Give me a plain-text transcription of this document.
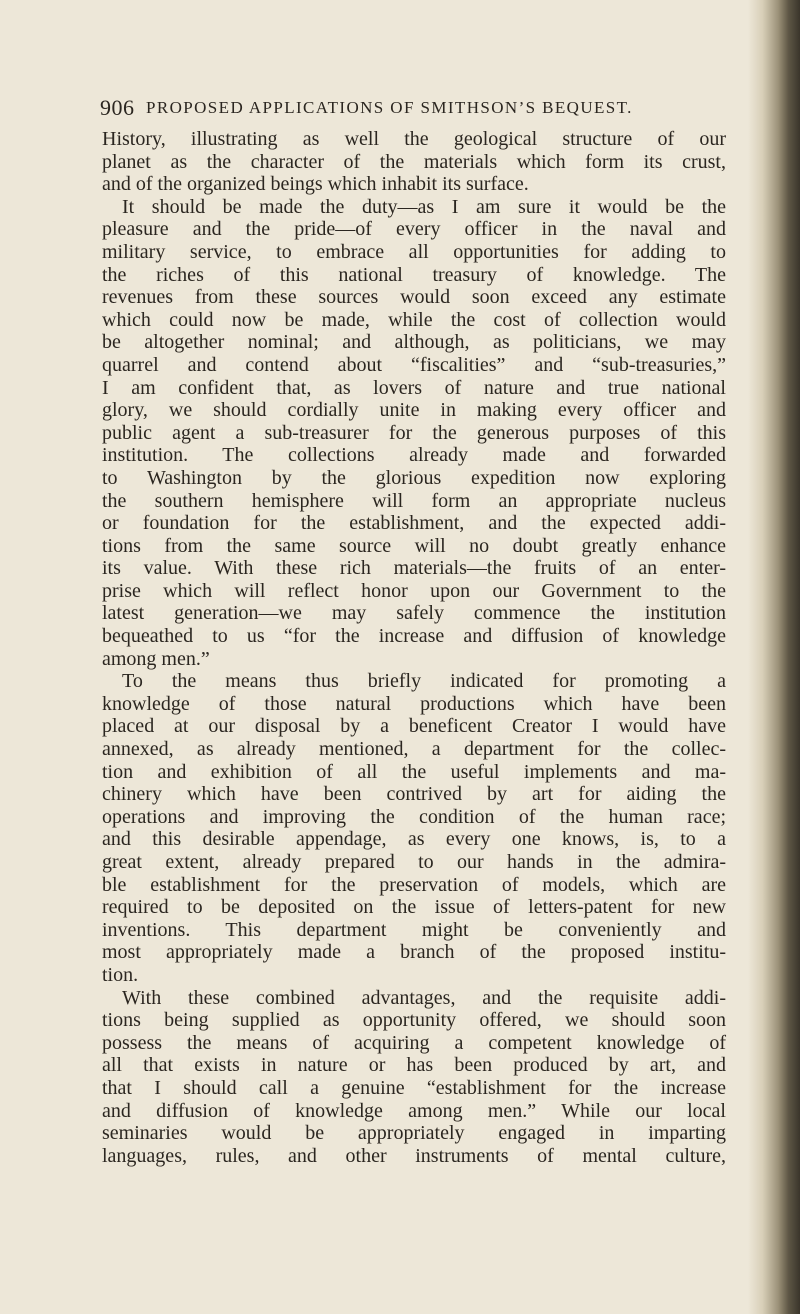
906 PROPOSED APPLICATIONS OF SMITHSON’S BEQUEST.
History, illustrating as well the geological structure of our
planet as the character of the materials which form its crust,
and of the organized beings which inhabit its surface.
It should be made the duty—as I am sure it would be the
pleasure and the pride—of every officer in the naval and
military service, to embrace all opportunities for adding to
the riches of this national treasury of knowledge. The
revenues from these sources would soon exceed any estimate
which could now be made, while the cost of collection would
be altogether nominal; and although, as politicians, we may
quarrel and contend about “fiscalities” and “sub-treasuries,”
I am confident that, as lovers of nature and true national
glory, we should cordially unite in making every officer and
public agent a sub-treasurer for the generous purposes of this
institution. The collections already made and forwarded
to Washington by the glorious expedition now exploring
the southern hemisphere will form an appropriate nucleus
or foundation for the establishment, and the expected addi-
tions from the same source will no doubt greatly enhance
its value. With these rich materials—the fruits of an enter-
prise which will reflect honor upon our Government to the
latest generation—we may safely commence the institution
bequeathed to us “for the increase and diffusion of knowledge
among men.”
To the means thus briefly indicated for promoting a
knowledge of those natural productions which have been
placed at our disposal by a beneficent Creator I would have
annexed, as already mentioned, a department for the collec-
tion and exhibition of all the useful implements and ma-
chinery which have been contrived by art for aiding the
operations and improving the condition of the human race;
and this desirable appendage, as every one knows, is, to a
great extent, already prepared to our hands in the admira-
ble establishment for the preservation of models, which are
required to be deposited on the issue of letters-patent for new
inventions. This department might be conveniently and
most appropriately made a branch of the proposed institu-
tion.
With these combined advantages, and the requisite addi-
tions being supplied as opportunity offered, we should soon
possess the means of acquiring a competent knowledge of
all that exists in nature or has been produced by art, and
that I should call a genuine “establishment for the increase
and diffusion of knowledge among men.” While our local
seminaries would be appropriately engaged in imparting
languages, rules, and other instruments of mental culture,
